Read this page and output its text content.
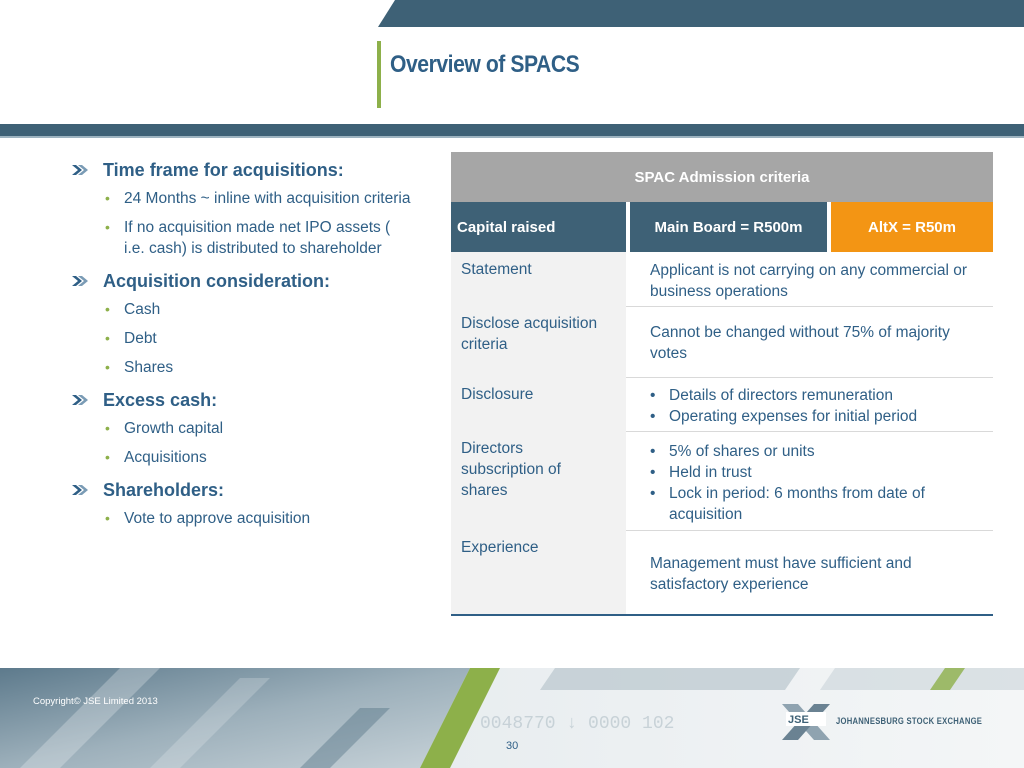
Overview of SPACS
Time frame for acquisitions:
• 24 Months ~ inline with acquisition criteria
• If no acquisition made net IPO assets ( i.e. cash) is distributed to shareholder
Acquisition consideration:
• Cash
• Debt
• Shares
Excess cash:
• Growth capital
• Acquisitions
Shareholders:
• Vote to approve acquisition
SPAC Admission criteria
Capital raised	Main Board = R500m	AltX = R50m
Statement	Applicant is not carrying on any commercial or business operations
Disclose acquisition criteria
Cannot be changed without 75% of majority votes
Disclosure
•	Details of directors remuneration
• Operating expenses for initial period
Directors subscription of shares
• 5% of shares or units
• Held in trust
• Lock in period: 6 months from date of acquisition
Experience
Management must have sufficient and satisfactory experience
0048770 ↓ 0000 102	JSE
Copyright© JSE Limited 2013
JOHANNESBURG STOCK EXCHANGE
30
